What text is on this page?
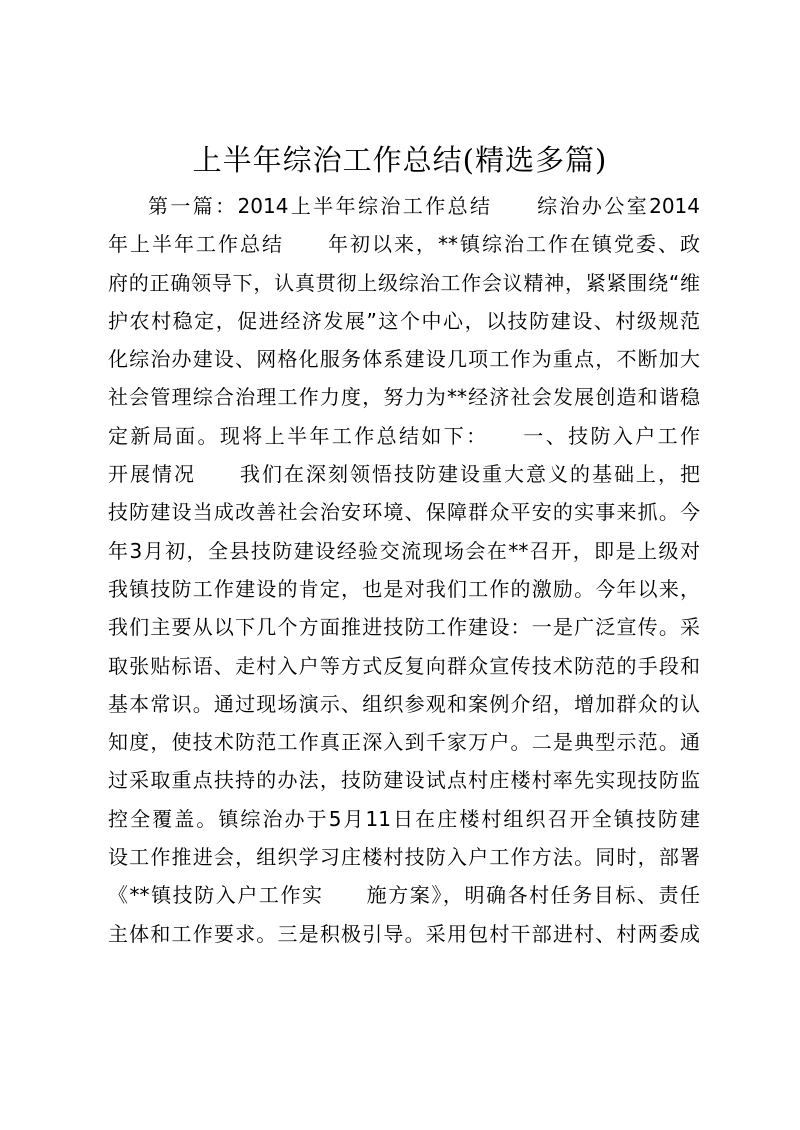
上半年综治工作总结(精选多篇)
第一篇：2014上半年综治工作总结　　综治办公室2014
年上半年工作总结　　年初以来，**镇综治工作在镇党委、政
府的正确领导下，认真贯彻上级综治工作会议精神，紧紧围绕“维
护农村稳定，促进经济发展”这个中心，以技防建设、村级规范
化综治办建设、网格化服务体系建设几项工作为重点，不断加大
社会管理综合治理工作力度，努力为**经济社会发展创造和谐稳
定新局面。现将上半年工作总结如下：　　一、技防入户工作
开展情况　　我们在深刻领悟技防建设重大意义的基础上，把
技防建设当成改善社会治安环境、保障群众平安的实事来抓。今
年3月初，全县技防建设经验交流现场会在**召开，即是上级对
我镇技防工作建设的肯定，也是对我们工作的激励。今年以来，
我们主要从以下几个方面推进技防工作建设：一是广泛宣传。采
取张贴标语、走村入户等方式反复向群众宣传技术防范的手段和
基本常识。通过现场演示、组织参观和案例介绍，增加群众的认
知度，使技术防范工作真正深入到千家万户。二是典型示范。通
过采取重点扶持的办法，技防建设试点村庄楼村率先实现技防监
控全覆盖。镇综治办于5月11日在庄楼村组织召开全镇技防建
设工作推进会，组织学习庄楼村技防入户工作方法。同时，部署
《**镇技防入户工作实　　施方案》，明确各村任务目标、责任
主体和工作要求。三是积极引导。采用包村干部进村、村两委成
